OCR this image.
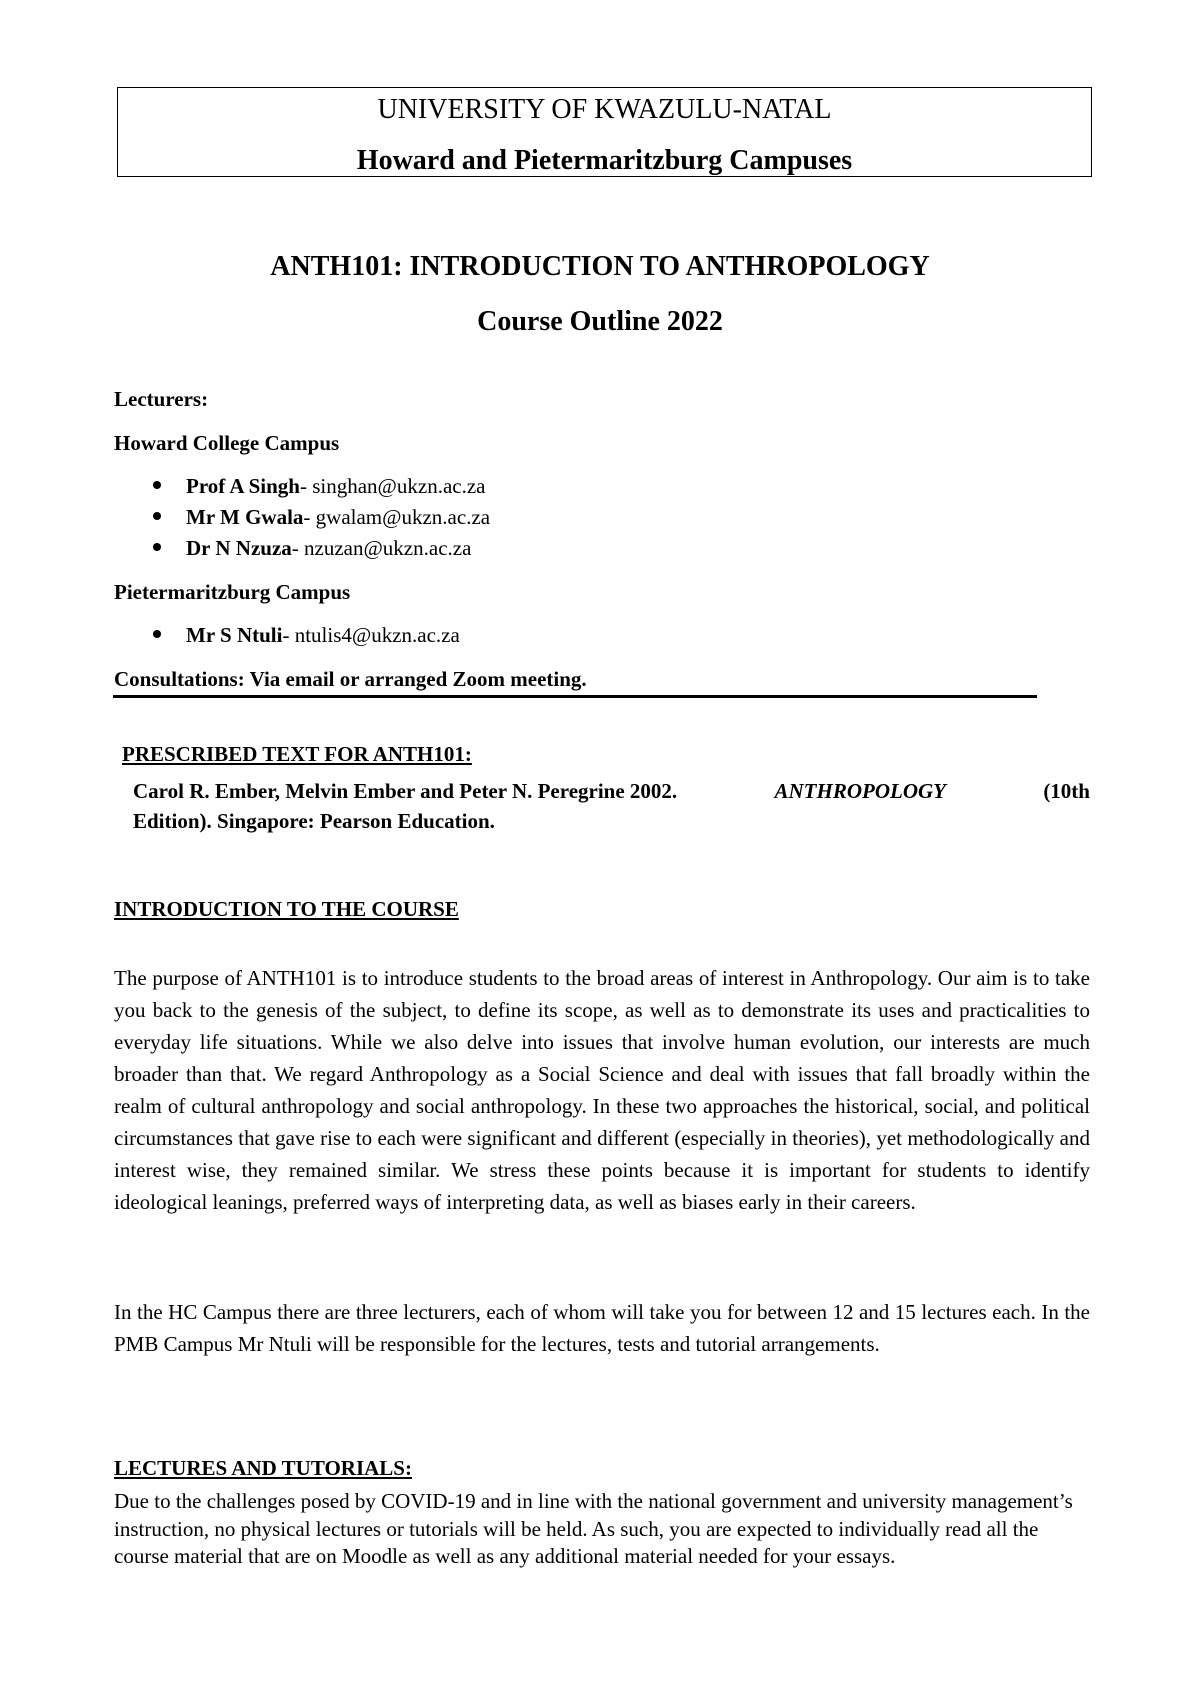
UNIVERSITY OF KWAZULU-NATAL
Howard and Pietermaritzburg Campuses
ANTH101: INTRODUCTION TO ANTHROPOLOGY
Course Outline 2022
Lecturers:
Howard College Campus
Prof A Singh- singhan@ukzn.ac.za
Mr M Gwala- gwalam@ukzn.ac.za
Dr N Nzuza- nzuzan@ukzn.ac.za
Pietermaritzburg Campus
Mr S Ntuli- ntulis4@ukzn.ac.za
Consultations: Via email or arranged Zoom meeting.
PRESCRIBED TEXT FOR ANTH101:
Carol R. Ember, Melvin Ember and Peter N. Peregrine 2002.	ANTHROPOLOGY	(10th
Edition). Singapore: Pearson Education.
INTRODUCTION TO THE COURSE
The purpose of ANTH101 is to introduce students to the broad areas of interest in Anthropology. Our aim is to take you back to the genesis of the subject, to define its scope, as well as to demonstrate its uses and practicalities to everyday life situations. While we also delve into issues that involve human evolution, our interests are much broader than that. We regard Anthropology as a Social Science and deal with issues that fall broadly within the realm of cultural anthropology and social anthropology. In these two approaches the historical, social, and political circumstances that gave rise to each were significant and different (especially in theories), yet methodologically and interest wise, they remained similar. We stress these points because it is important for students to identify ideological leanings, preferred ways of interpreting data, as well as biases early in their careers.
In the HC Campus there are three lecturers, each of whom will take you for between 12 and 15 lectures each. In the PMB Campus Mr Ntuli will be responsible for the lectures, tests and tutorial arrangements.
LECTURES AND TUTORIALS:
Due to the challenges posed by COVID-19 and in line with the national government and university management’s instruction, no physical lectures or tutorials will be held. As such, you are expected to individually read all the course material that are on Moodle as well as any additional material needed for your essays.
